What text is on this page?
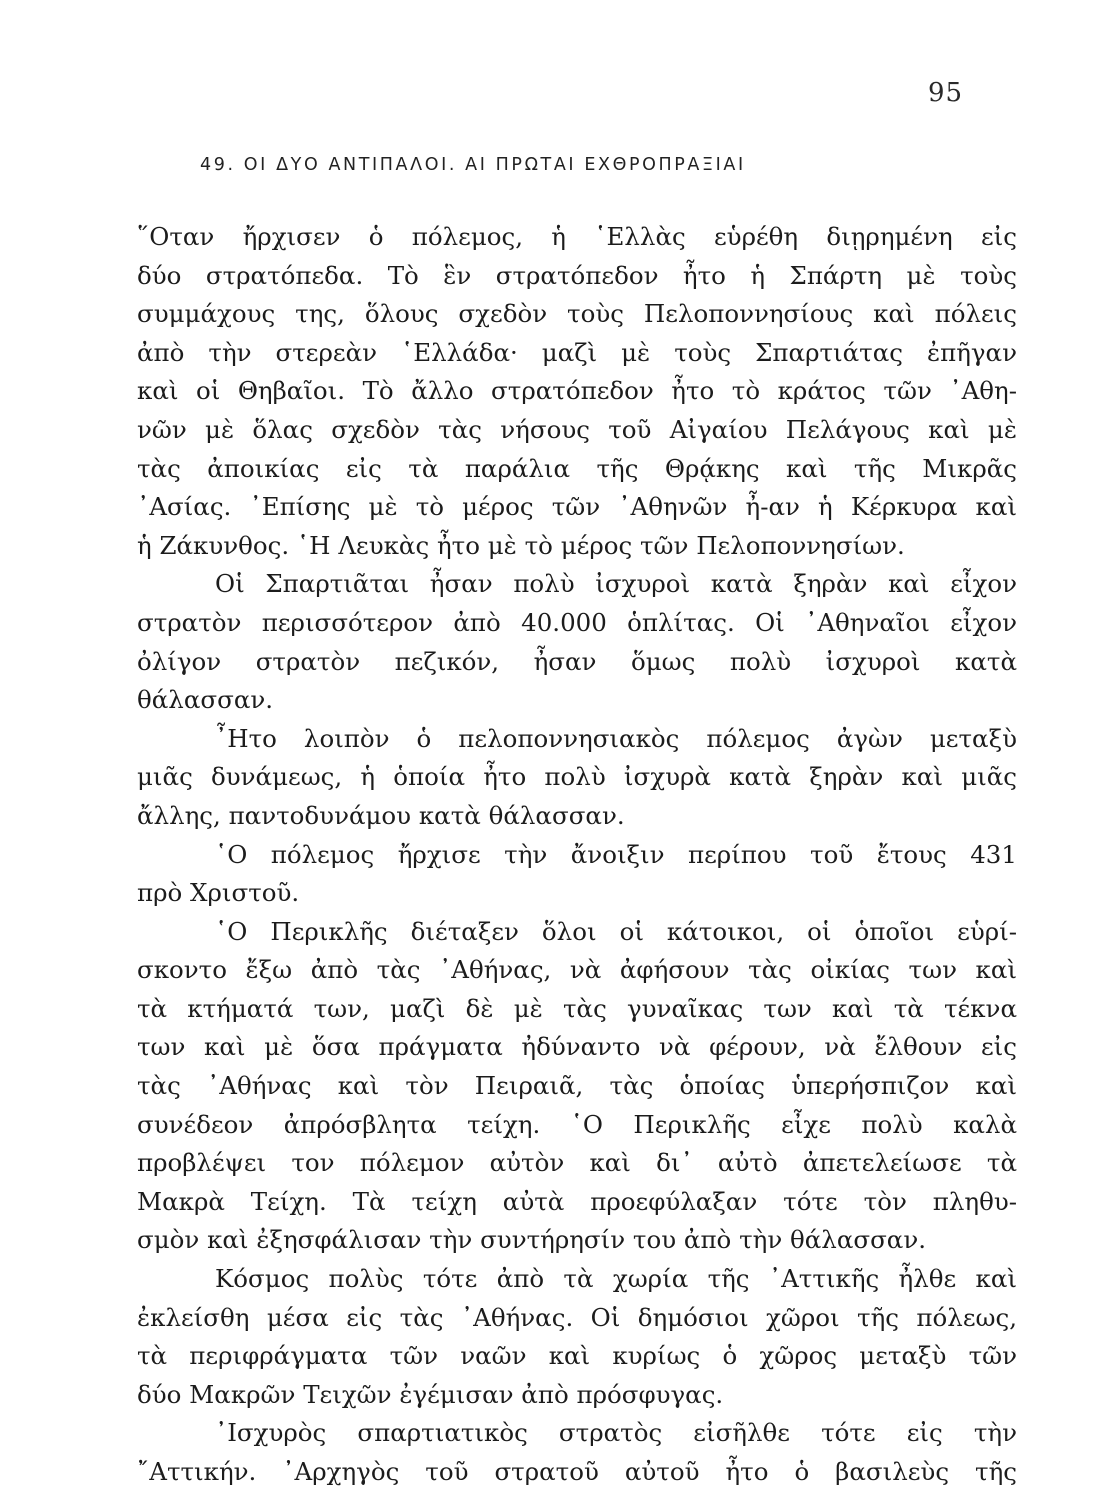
95
49. ΟΙ ΔΥΟ ΑΝΤΙΠΑΛΟΙ. ΑΙ ΠΡΩΤΑΙ ΕΧΘΡΟΠΡΑΞΙΑΙ
῞Οταν ἤρχισεν ὁ πόλεμος, ἡ ῾Ελλὰς εὑρέθη διῃρημένη εἰς
δύο στρατόπεδα. Τὸ ἓν στρατόπεδον ἦτο ἡ Σπάρτη μὲ τοὺς
συμμάχους της, ὅλους σχεδὸν τοὺς Πελοποννησίους καὶ πόλεις
ἀπὸ τὴν στερεὰν ῾Ελλάδα· μαζὶ μὲ τοὺς Σπαρτιάτας ἐπῆγαν
καὶ οἱ Θηβαῖοι. Τὸ ἄλλο στρατόπεδον ἦτο τὸ κράτος τῶν ᾿Αθη-
νῶν μὲ ὅλας σχεδὸν τὰς νήσους τοῦ Αἰγαίου Πελάγους καὶ μὲ
τὰς ἀποικίας εἰς τὰ παράλια τῆς Θρᾴκης καὶ τῆς Μικρᾶς
᾿Ασίας. ᾿Επίσης μὲ τὸ μέρος τῶν ᾿Αθηνῶν ἦ-αν ἡ Κέρκυρα καὶ
ἡ Ζάκυνθος. ῾Η Λευκὰς ἦτο μὲ τὸ μέρος τῶν Πελοποννησίων.
Οἱ Σπαρτιᾶται ἦσαν πολὺ ἰσχυροὶ κατὰ ξηρὰν καὶ εἶχον
στρατὸν περισσότερον ἀπὸ 40.000 ὁπλίτας. Οἱ ᾿Αθηναῖοι εἶχον
ὀλίγον στρατὸν πεζικόν, ἦσαν ὅμως πολὺ ἰσχυροὶ κατὰ
θάλασσαν.
῏Ητο λοιπὸν ὁ πελοποννησιακὸς πόλεμος ἀγὼν μεταξὺ
μιᾶς δυνάμεως, ἡ ὁποία ἦτο πολὺ ἰσχυρὰ κατὰ ξηρὰν καὶ μιᾶς
ἄλλης, παντοδυνάμου κατὰ θάλασσαν.
῾Ο πόλεμος ἤρχισε τὴν ἄνοιξιν περίπου τοῦ ἔτους 431
πρὸ Χριστοῦ.
῾Ο Περικλῆς διέταξεν ὅλοι οἱ κάτοικοι, οἱ ὁποῖοι εὑρί-
σκοντο ἔξω ἀπὸ τὰς ᾿Αθήνας, νὰ ἀφήσουν τὰς οἰκίας των καὶ
τὰ κτήματά των, μαζὶ δὲ μὲ τὰς γυναῖκας των καὶ τὰ τέκνα
των καὶ μὲ ὅσα πράγματα ἠδύναντο νὰ φέρουν, νὰ ἔλθουν εἰς
τὰς ᾿Αθήνας καὶ τὸν Πειραιᾶ, τὰς ὁποίας ὑπερήσπιζον καὶ
συνέδεον ἀπρόσβλητα τείχη. ῾Ο Περικλῆς εἶχε πολὺ καλὰ
προβλέψει τον πόλεμον αὐτὸν καὶ δι᾿ αὐτὸ ἀπετελείωσε τὰ
Μακρὰ Τείχη. Τὰ τείχη αὐτὰ προεφύλαξαν τότε τὸν πληθυ-
σμὸν καὶ ἐξησφάλισαν τὴν συντήρησίν του ἀπὸ τὴν θάλασσαν.
Κόσμος πολὺς τότε ἀπὸ τὰ χωρία τῆς ᾿Αττικῆς ἦλθε καὶ
ἐκλείσθη μέσα εἰς τὰς ᾿Αθήνας. Οἱ δημόσιοι χῶροι τῆς πόλεως,
τὰ περιφράγματα τῶν ναῶν καὶ κυρίως ὁ χῶρος μεταξὺ τῶν
δύο Μακρῶν Τειχῶν ἐγέμισαν ἀπὸ πρόσφυγας.
᾿Ισχυρὸς σπαρτιατικὸς στρατὸς εἰσῆλθε τότε εἰς τὴν
῎Αττικήν. ᾿Αρχηγὸς τοῦ στρατοῦ αὐτοῦ ἦτο ὁ βασιλεὺς τῆς
